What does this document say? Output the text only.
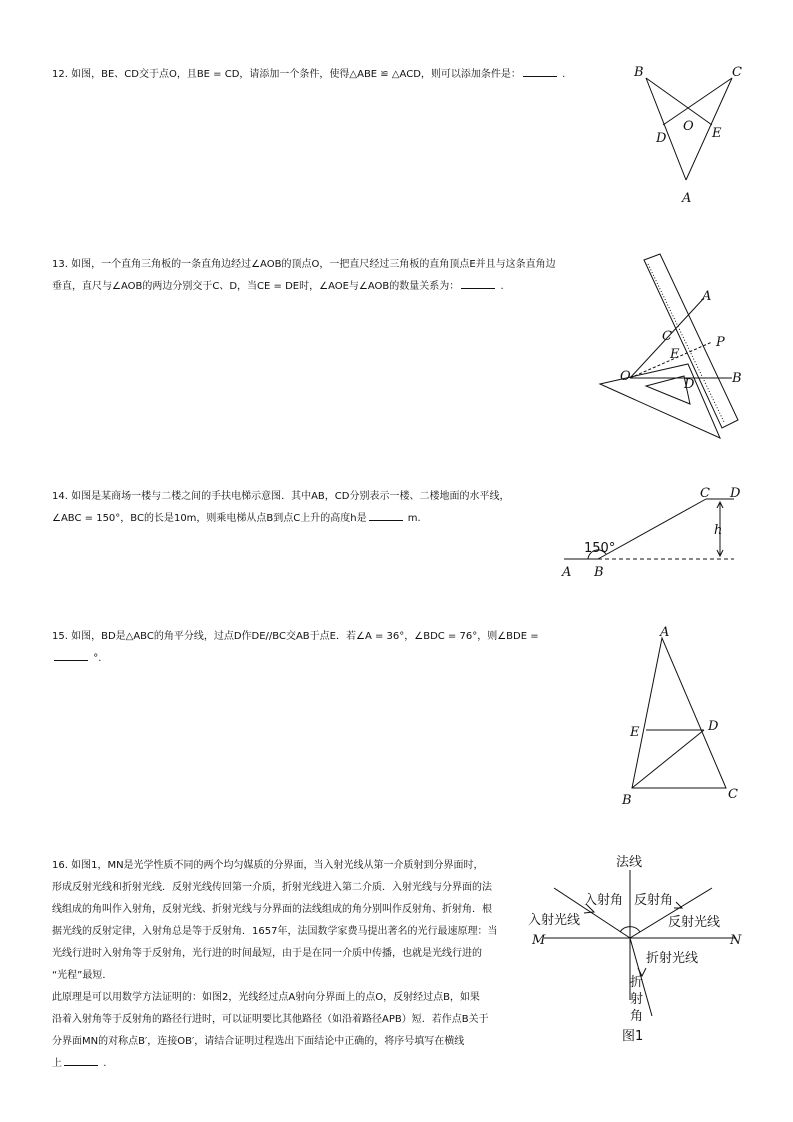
12. 如图，BE、CD交于点O，且BE = CD，请添加一个条件，使得△ABE ≌ △ACD，则可以添加条件是：	.	B	C
O
D	E
A
13. 如图，一个直角三角板的一条直角边经过∠AOB的顶点O，一把直尺经过三角板的直角顶点E并且与这条直角边
垂直，直尺与∠AOB的两边分别交于C、D，当CE = DE时，∠AOE与∠AOB的数量关系为：	.
A
C	P
E
O
D	B
14. 如图是某商场一楼与二楼之间的手扶电梯示意图．其中AB，CD分别表示一楼、二楼地面的水平线，
∠ABC = 150°，BC的长是10m，则乘电梯从点B到点C上升的高度h是	m.
C D
h
150°
A B
15. 如图，BD是△ABC的角平分线，过点D作DE//BC交AB于点E．若∠A = 36°，∠BDC = 76°，则∠BDE =
°.
A
E	D
B	C
16. 如图1，MN是光学性质不同的两个均匀媒质的分界面，当入射光线从第一介质射到分界面时，
形成反射光线和折射光线．反射光线传回第一介质，折射光线进入第二介质．入射光线与分界面的法
线组成的角叫作入射角，反射光线、折射光线与分界面的法线组成的角分别叫作反射角、折射角．根
据光线的反射定律，入射角总是等于反射角．1657年，法国数学家费马提出著名的光行最速原理：当
光线行进时入射角等于反射角，光行进的时间最短，由于是在同一介质中传播，也就是光线行进的
“光程”最短．
此原理是可以用数学方法证明的：如图2，光线经过点A射向分界面上的点O，反射经过点B，如果
沿着入射角等于反射角的路径行进时，可以证明要比其他路径（如沿着路径APB）短．若作点B关于
分界面MN的对称点B′，连接OB′，请结合证明过程选出下面结论中正确的，将序号填写在横线
上	.
法线
入射角 反射角
入射光线	反射光线
M	N
折射光线
折
射
角
图1
